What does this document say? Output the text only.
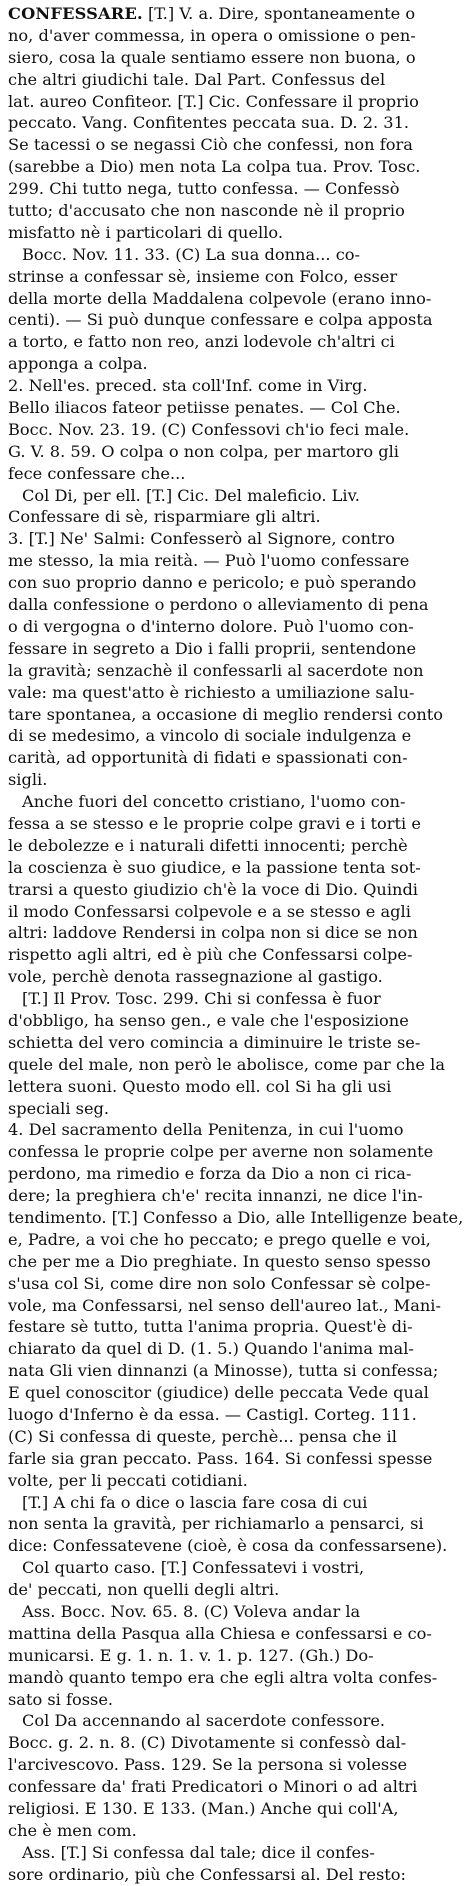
CONFESSARE. [T.] V. a. Dire, spontaneamente o
no, d'aver commessa, in opera o omissione o pen-
siero, cosa la quale sentiamo essere non buona, o
che altri giudichi tale. Dal Part. Confessus del
lat. aureo Confiteor. [T.] Cic. Confessare il proprio
peccato. Vang. Confitentes peccata sua. D. 2. 31.
Se tacessi o se negassi Ciò che confessi, non fora
(sarebbe a Dio) men nota La colpa tua. Prov. Tosc.
299. Chi tutto nega, tutto confessa. — Confessò
tutto; d'accusato che non nasconde nè il proprio
misfatto nè i particolari di quello.
Bocc. Nov. 11. 33. (C) La sua donna... co-
strinse a confessar sè, insieme con Folco, esser
della morte della Maddalena colpevole (erano inno-
centi). — Si può dunque confessare e colpa apposta
a torto, e fatto non reo, anzi lodevole ch'altri ci
apponga a colpa.
2. Nell'es. preced. sta coll'Inf. come in Virg.
Bello iliacos fateor petiisse penates. — Col Che.
Bocc. Nov. 23. 19. (C) Confessovi ch'io feci male.
G. V. 8. 59. O colpa o non colpa, per martoro gli
fece confessare che...
Col Di, per ell. [T.] Cic. Del maleficio. Liv.
Confessare di sè, risparmiare gli altri.
3. [T.] Ne' Salmi: Confesserò al Signore, contro
me stesso, la mia reità. — Può l'uomo confessare
con suo proprio danno e pericolo; e può sperando
dalla confessione o perdono o alleviamento di pena
o di vergogna o d'interno dolore. Può l'uomo con-
fessare in segreto a Dio i falli proprii, sentendone
la gravità; senzachè il confessarli al sacerdote non
vale: ma quest'atto è richiesto a umiliazione salu-
tare spontanea, a occasione di meglio rendersi conto
di se medesimo, a vincolo di sociale indulgenza e
carità, ad opportunità di fidati e spassionati con-
sigli.
Anche fuori del concetto cristiano, l'uomo con-
fessa a se stesso e le proprie colpe gravi e i torti e
le debolezze e i naturali difetti innocenti; perchè
la coscienza è suo giudice, e la passione tenta sot-
trarsi a questo giudizio ch'è la voce di Dio. Quindi
il modo Confessarsi colpevole e a se stesso e agli
altri: laddove Rendersi in colpa non si dice se non
rispetto agli altri, ed è più che Confessarsi colpe-
vole, perchè denota rassegnazione al gastigo.
[T.] Il Prov. Tosc. 299. Chi si confessa è fuor
d'obbligo, ha senso gen., e vale che l'esposizione
schietta del vero comincia a diminuire le triste se-
quele del male, non però le abolisce, come par che la
lettera suoni. Questo modo ell. col Si ha gli usi
speciali seg.
4. Del sacramento della Penitenza, in cui l'uomo
confessa le proprie colpe per averne non solamente
perdono, ma rimedio e forza da Dio a non ci rica-
dere; la preghiera ch'e' recita innanzi, ne dice l'in-
tendimento. [T.] Confesso a Dio, alle Intelligenze beate,
e, Padre, a voi che ho peccato; e prego quelle e voi,
che per me a Dio preghiate. In questo senso spesso
s'usa col Si, come dire non solo Confessar sè colpe-
vole, ma Confessarsi, nel senso dell'aureo lat., Mani-
festare sè tutto, tutta l'anima propria. Quest'è di-
chiarato da quel di D. (1. 5.) Quando l'anima mal-
nata Gli vien dinnanzi (a Minosse), tutta si confessa;
E quel conoscitor (giudice) delle peccata Vede qual
luogo d'Inferno è da essa. — Castigl. Corteg. 111.
(C) Si confessa di queste, perchè... pensa che il
farle sia gran peccato. Pass. 164. Si confessi spesse
volte, per li peccati cotidiani.
[T.] A chi fa o dice o lascia fare cosa di cui
non senta la gravità, per richiamarlo a pensarci, si
dice: Confessatevene (cioè, è cosa da confessarsene).
Col quarto caso. [T.] Confessatevi i vostri,
de' peccati, non quelli degli altri.
Ass. Bocc. Nov. 65. 8. (C) Voleva andar la
mattina della Pasqua alla Chiesa e confessarsi e co-
municarsi. E g. 1. n. 1. v. 1. p. 127. (Gh.) Do-
mandò quanto tempo era che egli altra volta confes-
sato si fosse.
Col Da accennando al sacerdote confessore.
Bocc. g. 2. n. 8. (C) Divotamente si confessò dal-
l'arcivescovo. Pass. 129. Se la persona si volesse
confessare da' frati Predicatori o Minori o ad altri
religiosi. E 130. E 133. (Man.) Anche qui coll'A,
che è men com.
Ass. [T.] Si confessa dal tale; dice il confes-
sore ordinario, più che Confessarsi al. Del resto:
